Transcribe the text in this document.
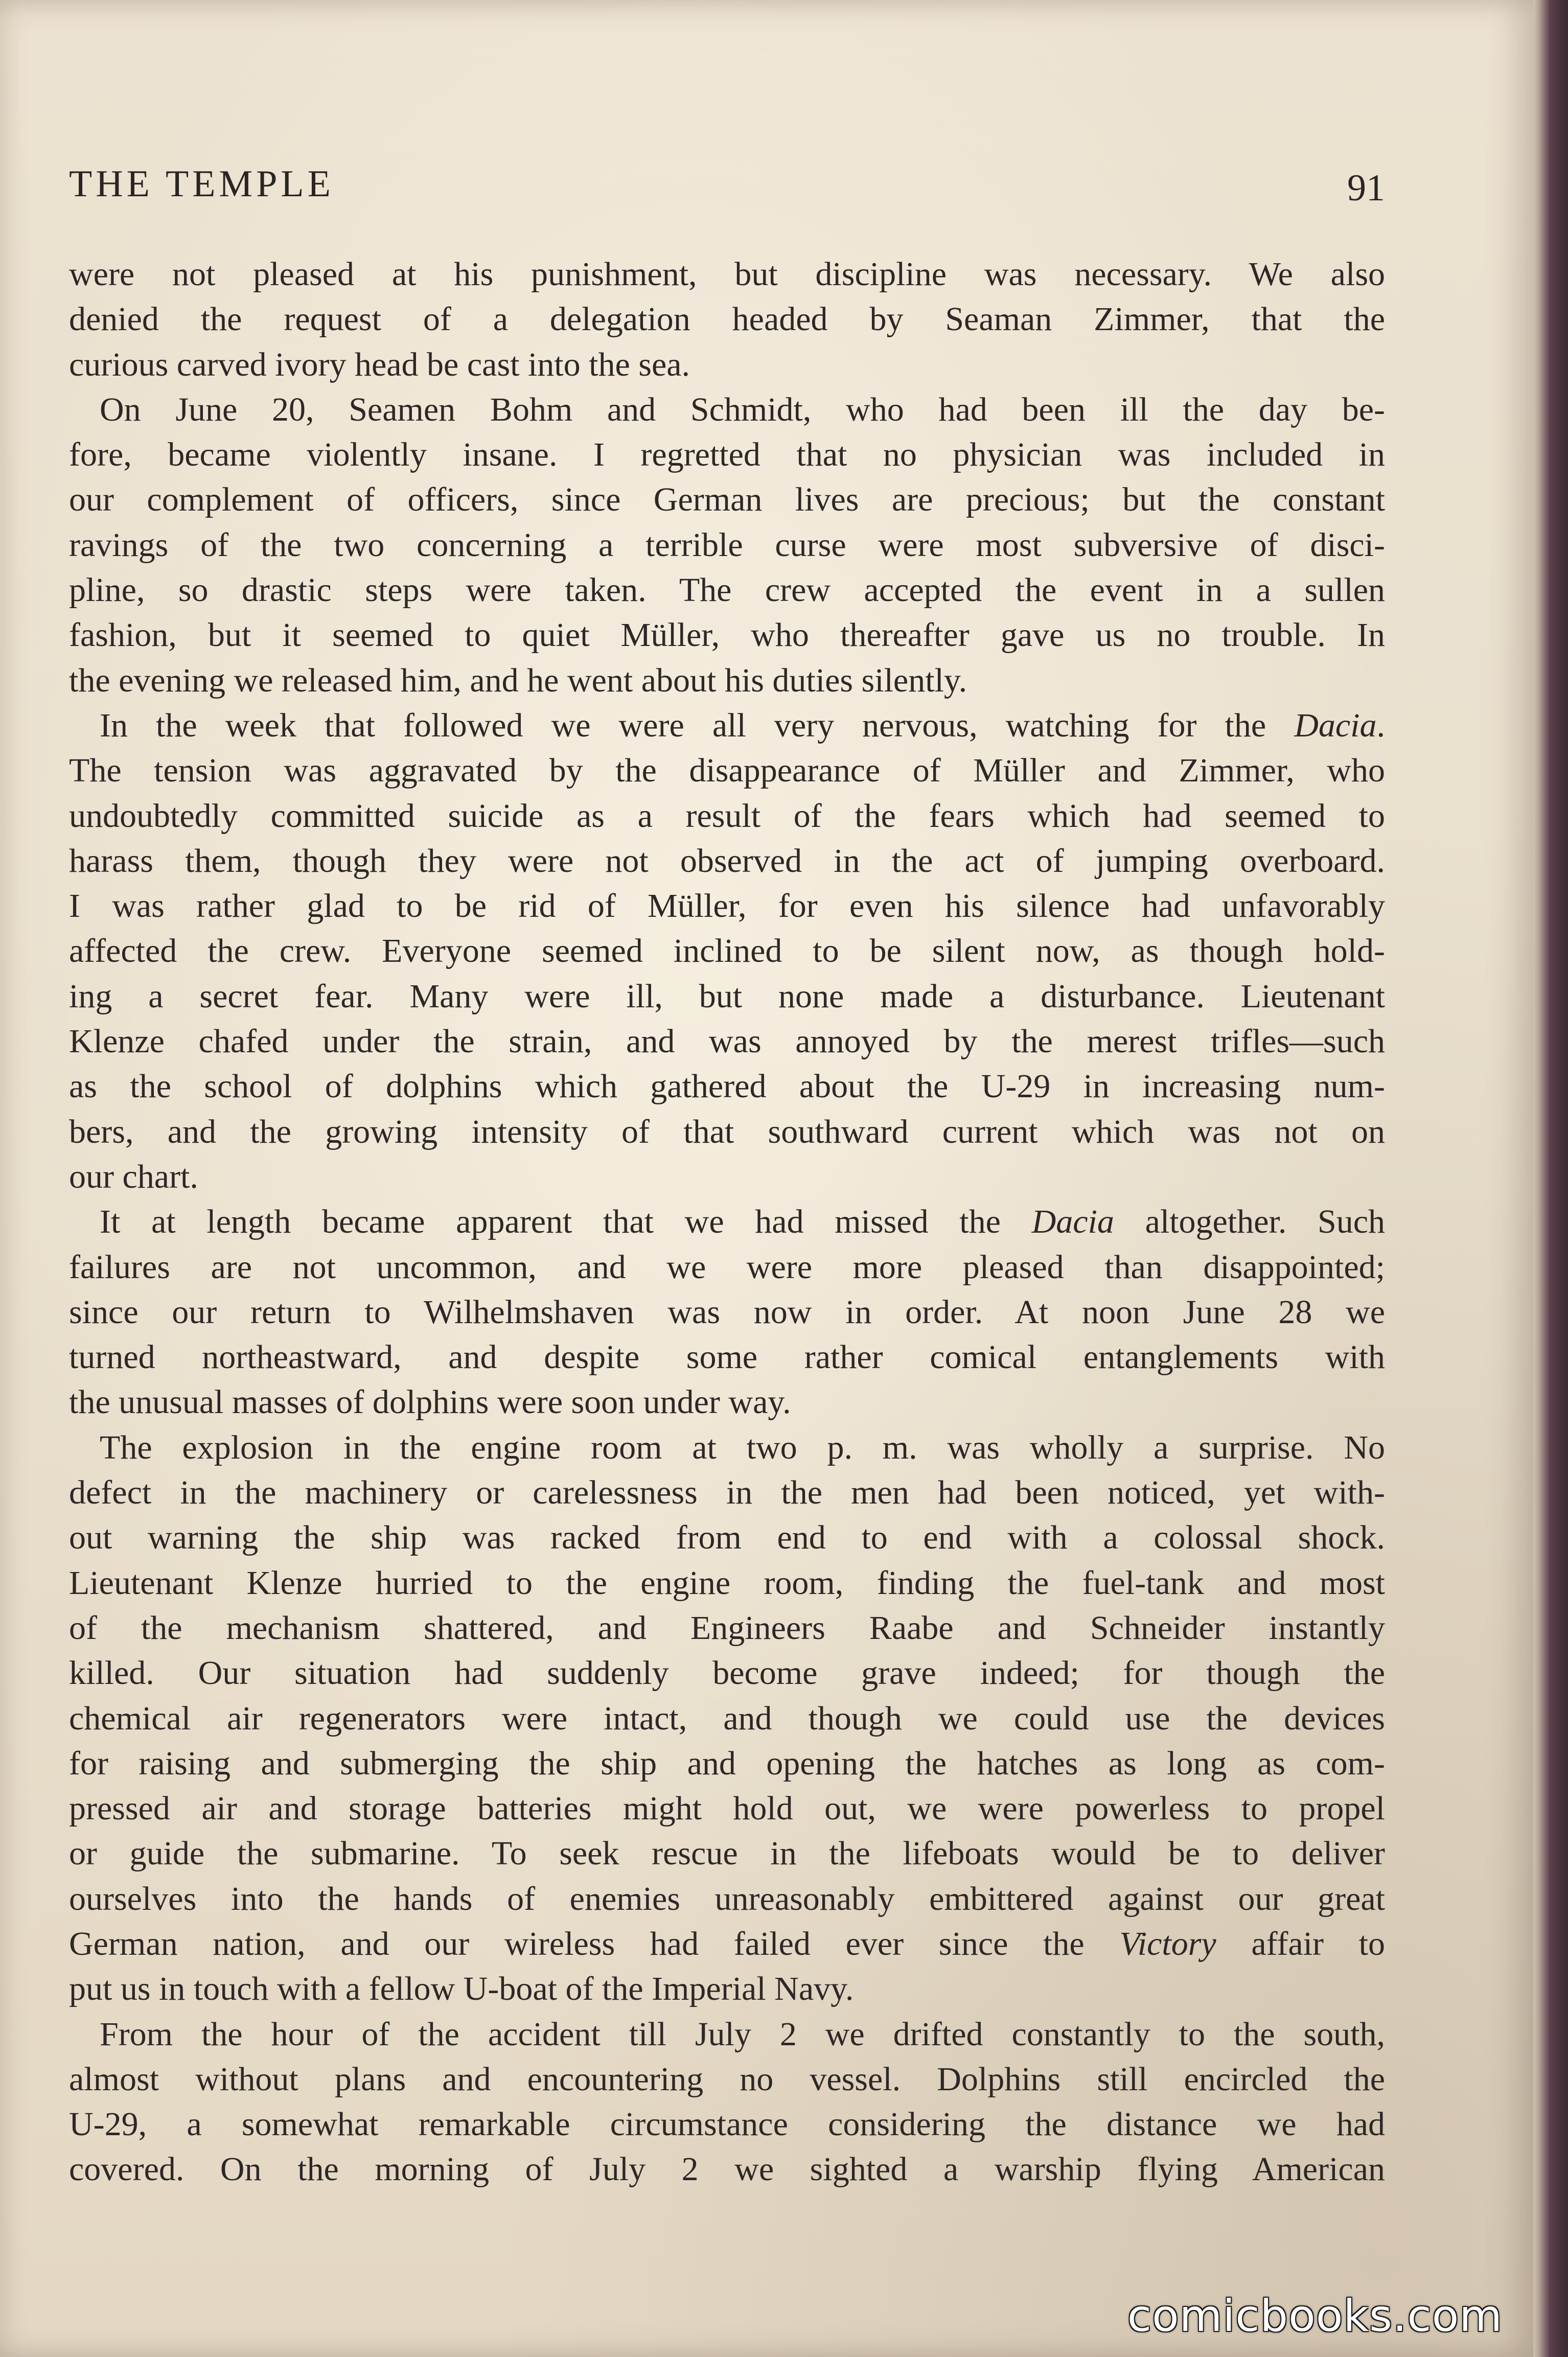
THE TEMPLE	91
were not pleased at his punishment, but discipline was necessary. We also
denied the request of a delegation headed by Seaman Zimmer, that the
curious carved ivory head be cast into the sea.
On June 20, Seamen Bohm and Schmidt, who had been ill the day be-
fore, became violently insane. I regretted that no physician was included in
our complement of officers, since German lives are precious; but the constant
ravings of the two concerning a terrible curse were most subversive of disci-
pline, so drastic steps were taken. The crew accepted the event in a sullen
fashion, but it seemed to quiet Müller, who thereafter gave us no trouble. In
the evening we released him, and he went about his duties silently.
In the week that followed we were all very nervous, watching for the Dacia.
The tension was aggravated by the disappearance of Müller and Zimmer, who
undoubtedly committed suicide as a result of the fears which had seemed to
harass them, though they were not observed in the act of jumping overboard.
I was rather glad to be rid of Müller, for even his silence had unfavorably
affected the crew. Everyone seemed inclined to be silent now, as though hold-
ing a secret fear. Many were ill, but none made a disturbance. Lieutenant
Klenze chafed under the strain, and was annoyed by the merest trifles—such
as the school of dolphins which gathered about the U-29 in increasing num-
bers, and the growing intensity of that southward current which was not on
our chart.
It at length became apparent that we had missed the Dacia altogether. Such
failures are not uncommon, and we were more pleased than disappointed;
since our return to Wilhelmshaven was now in order. At noon June 28 we
turned northeastward, and despite some rather comical entanglements with
the unusual masses of dolphins were soon under way.
The explosion in the engine room at two p. m. was wholly a surprise. No
defect in the machinery or carelessness in the men had been noticed, yet with-
out warning the ship was racked from end to end with a colossal shock.
Lieutenant Klenze hurried to the engine room, finding the fuel-tank and most
of the mechanism shattered, and Engineers Raabe and Schneider instantly
killed. Our situation had suddenly become grave indeed; for though the
chemical air regenerators were intact, and though we could use the devices
for raising and submerging the ship and opening the hatches as long as com-
pressed air and storage batteries might hold out, we were powerless to propel
or guide the submarine. To seek rescue in the lifeboats would be to deliver
ourselves into the hands of enemies unreasonably embittered against our great
German nation, and our wireless had failed ever since the Victory affair to
put us in touch with a fellow U-boat of the Imperial Navy.
From the hour of the accident till July 2 we drifted constantly to the south,
almost without plans and encountering no vessel. Dolphins still encircled the
U-29, a somewhat remarkable circumstance considering the distance we had
covered. On the morning of July 2 we sighted a warship flying American
comicbooks.com
